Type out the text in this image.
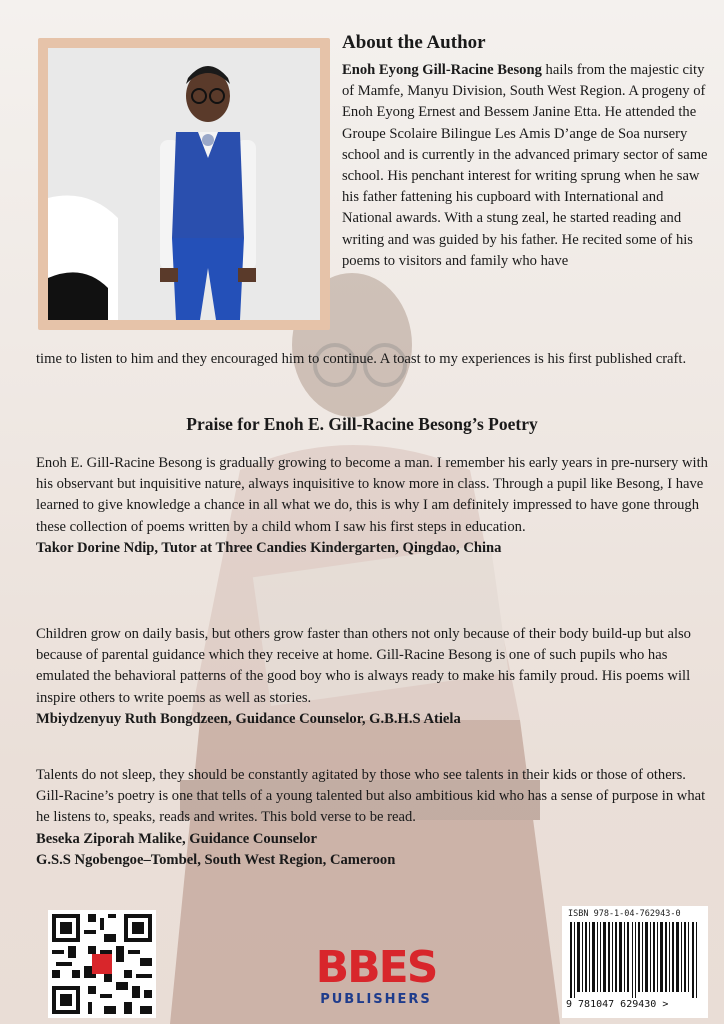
About the Author

Enoh Eyong Gill-Racine Besong hails from the majestic city of Mamfe, Manyu Division, South West Region. A progeny of Enoh Eyong Ernest and Bessem Janine Etta. He attended the Groupe Scolaire Bilingue Les Amis D’ange de Soa nursery school and is currently in the advanced primary sector of same school. His penchant interest for writing sprung when he saw his father fattening his cupboard with International and National awards. With a stung zeal, he started reading and writing and was guided by his father. He recited some of his poems to visitors and family who have

time to listen to him and they encouraged him to continue. A toast to my experiences is his first published craft.

Praise for Enoh E. Gill-Racine Besong’s Poetry

Enoh E. Gill-Racine Besong is gradually growing to become a man. I remember his early years in pre-nursery with his observant but inquisitive nature, always inquisitive to know more in class. Through a pupil like Besong, I have learned to give knowledge a chance in all what we do, this is why I am definitely impressed to have gone through these collection of poems written by a child whom I saw his first steps in education.
Takor Dorine Ndip, Tutor at Three Candies Kindergarten, Qingdao, China

Children grow on daily basis, but others grow faster than others not only because of their body build-up but also because of parental guidance which they receive at home. Gill-Racine Besong is one of such pupils who has emulated the behavioral patterns of the good boy who is always ready to make his family proud. His poems will inspire others to write poems as well as stories.
Mbiydzenyuy Ruth Bongdzeen, Guidance Counselor, G.B.H.S Atiela

Talents do not sleep, they should be constantly agitated by those who see talents in their kids or those of others. Gill-Racine’s poetry is one that tells of a young talented but also ambitious kid who has a sense of purpose in what he listens to, speaks, reads and writes. This bold verse to be read.
Beseka Ziporah Malike, Guidance Counselor
G.S.S Ngobengoe–Tombel, South West Region, Cameroon

BBES
PUBLISHERS
ISBN 978-1-04-762943-0
9 781047 629430 >
